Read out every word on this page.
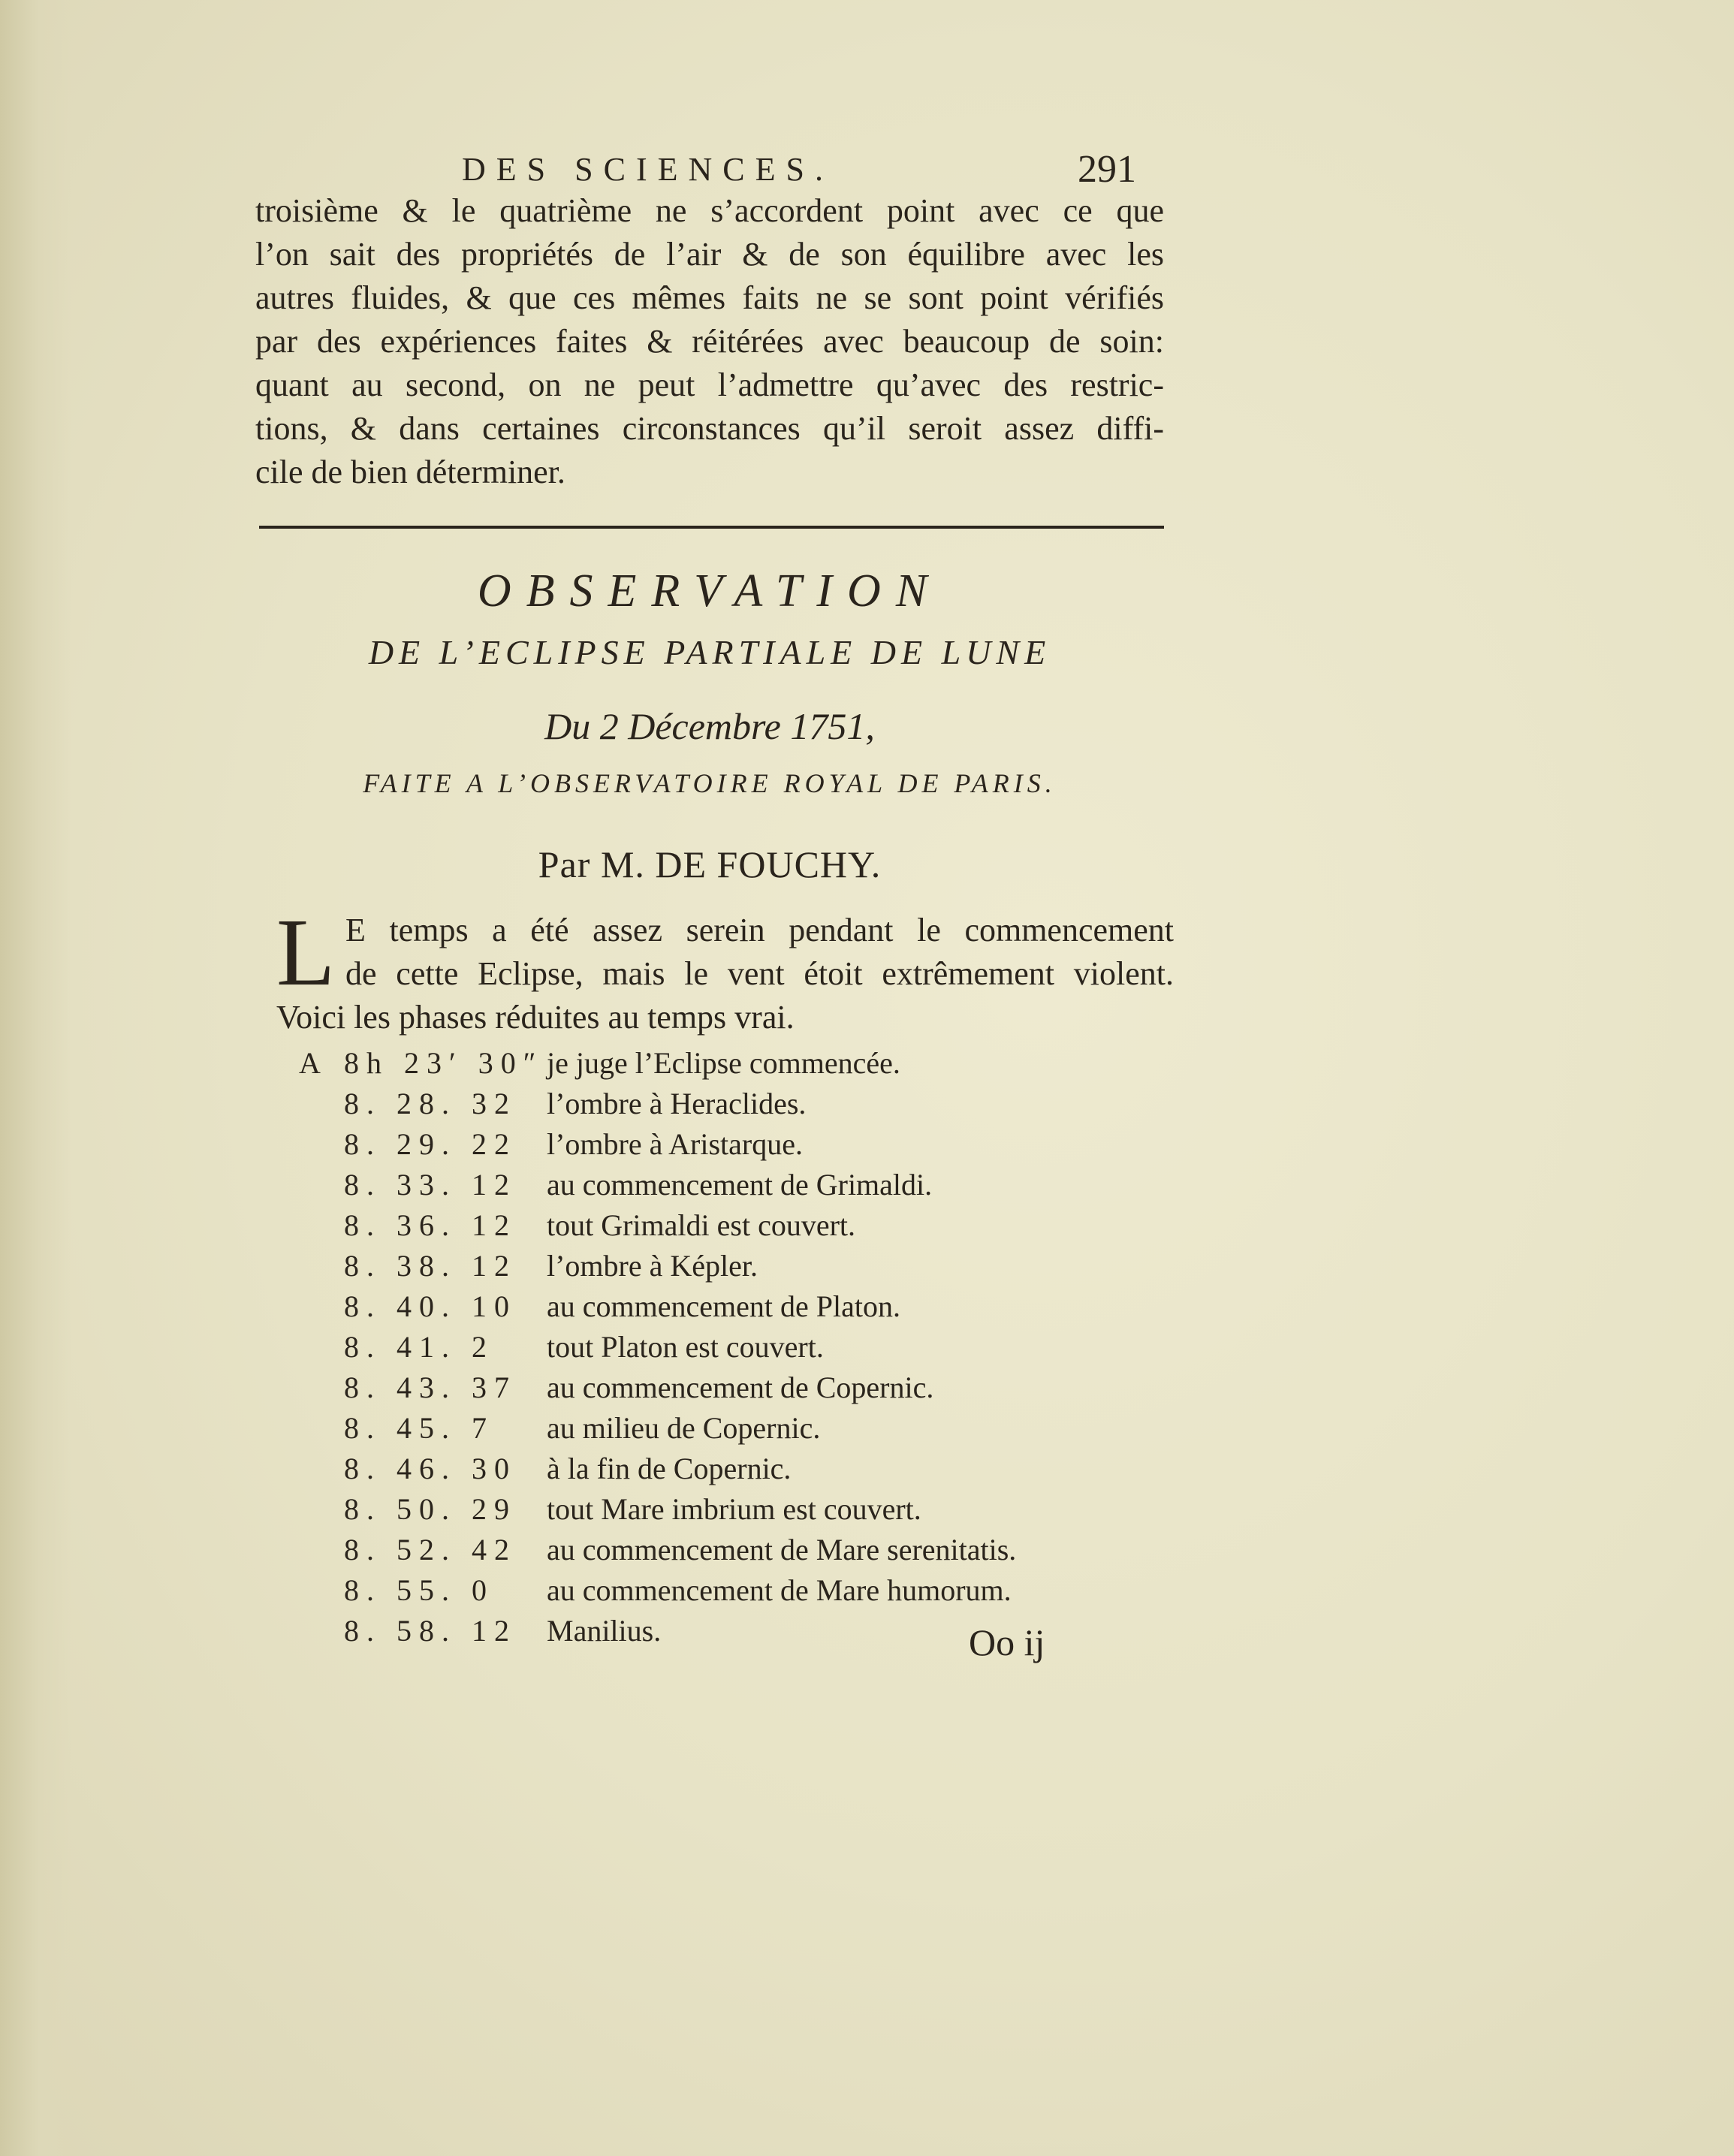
DES SCIENCES.	291
troisième & le quatrième ne s’accordent point avec ce que
l’on sait des propriétés de l’air & de son équilibre avec les
autres fluides, & que ces mêmes faits ne se sont point vérifiés
par des expériences faites & réitérées avec beaucoup de soin:
quant au second, on ne peut l’admettre qu’avec des restric-
tions, & dans certaines circonstances qu’il seroit assez diffi-
cile de bien déterminer.
OBSERVATION
DE L’ECLIPSE PARTIALE DE LUNE
Du 2 Décembre 1751,
FAITE A L’OBSERVATOIRE ROYAL DE PARIS.
Par M. DE FOUCHY.
L E temps a été assez serein pendant le commencement
de cette Eclipse, mais le vent étoit extrêmement violent.
Voici les phases réduites au temps vrai.
A 8h 23′ 30″ je juge l’Eclipse commencée.
8. 28. 32	l’ombre à Heraclides.
8. 29. 22	l’ombre à Aristarque.
8. 33. 12	au commencement de Grimaldi.
8. 36. 12	tout Grimaldi est couvert.
8. 38. 12	l’ombre à Képler.
8. 40. 10	au commencement de Platon.
8. 41. 2	tout Platon est couvert.
8. 43. 37	au commencement de Copernic.
8. 45. 7	au milieu de Copernic.
8. 46. 30	à la fin de Copernic.
8. 50. 29	tout Mare imbrium est couvert.
8. 52. 42	au commencement de Mare serenitatis.
8. 55. 0	au commencement de Mare humorum.
8. 58. 12	Manilius.	Oo ij
